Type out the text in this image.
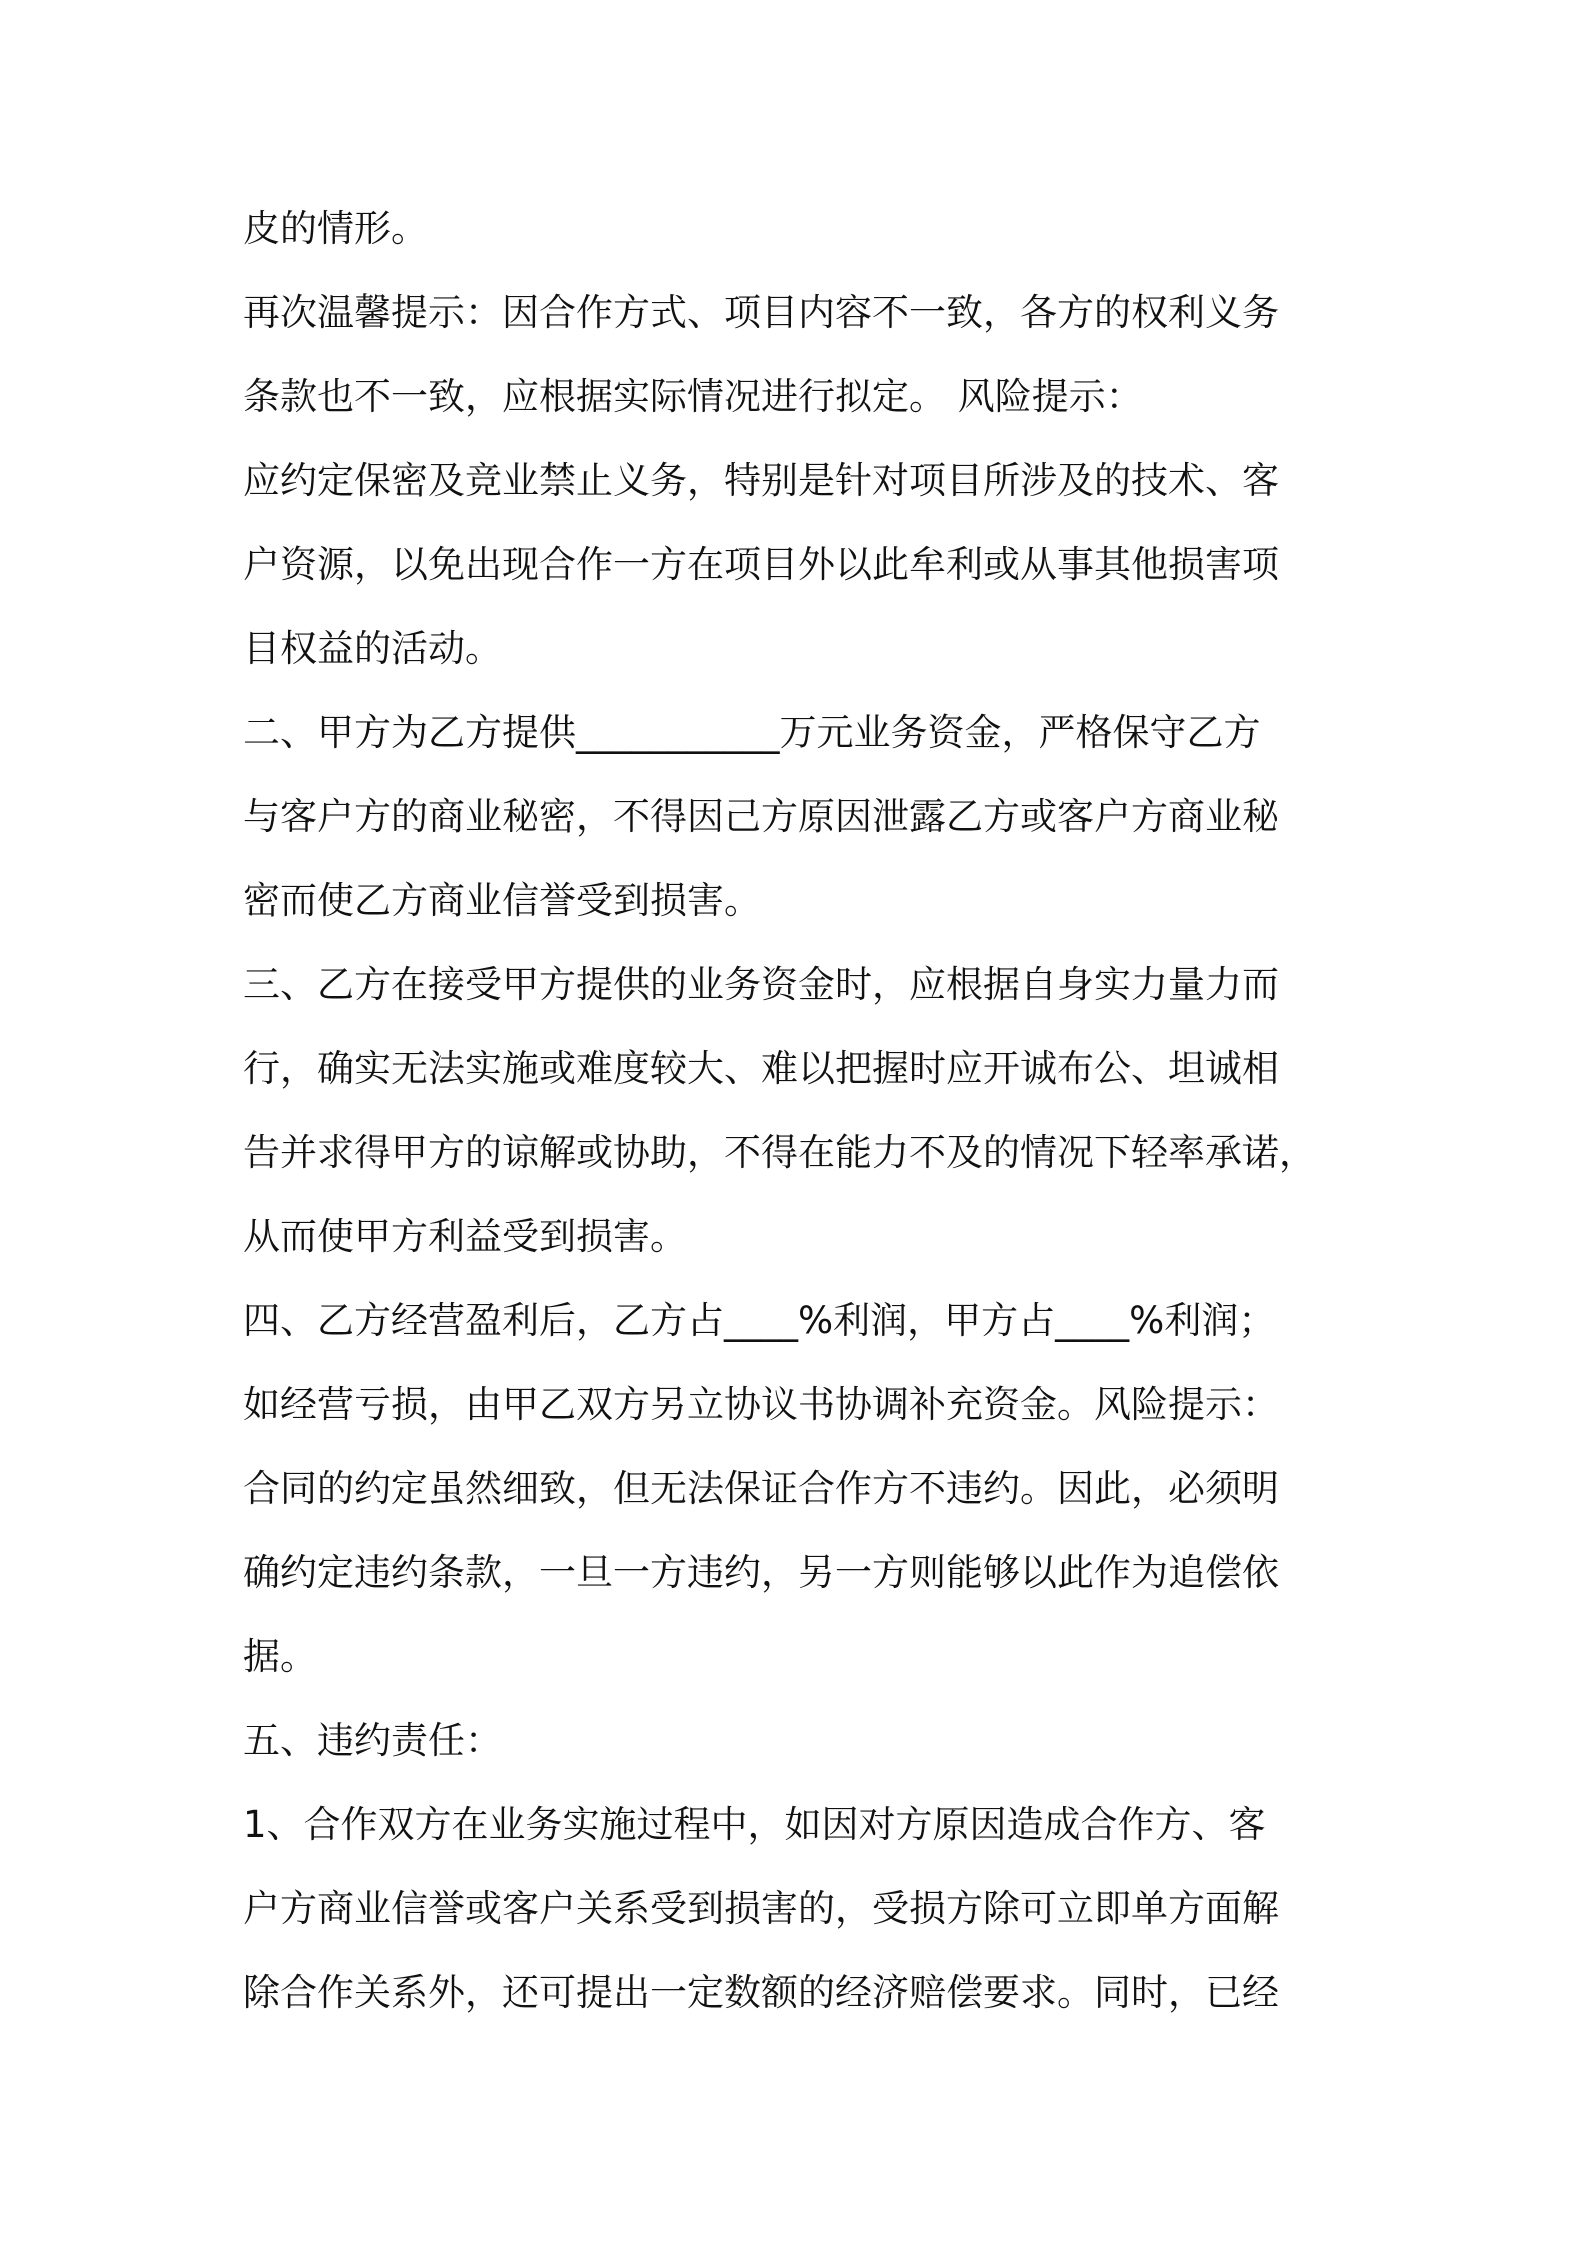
皮的情形。
再次温馨提示：因合作方式、项目内容不一致，各方的权利义务
条款也不一致，应根据实际情况进行拟定。 风险提示：
应约定保密及竞业禁止义务，特别是针对项目所涉及的技术、客
户资源，以免出现合作一方在项目外以此牟利或从事其他损害项
目权益的活动。
二、甲方为乙方提供___________万元业务资金，严格保守乙方
与客户方的商业秘密，不得因己方原因泄露乙方或客户方商业秘
密而使乙方商业信誉受到损害。
三、乙方在接受甲方提供的业务资金时，应根据自身实力量力而
行，确实无法实施或难度较大、难以把握时应开诚布公、坦诚相
告并求得甲方的谅解或协助，不得在能力不及的情况下轻率承诺，
从而使甲方利益受到损害。
四、乙方经营盈利后，乙方占____%利润，甲方占____%利润；
如经营亏损，由甲乙双方另立协议书协调补充资金。风险提示：
合同的约定虽然细致，但无法保证合作方不违约。因此，必须明
确约定违约条款，一旦一方违约，另一方则能够以此作为追偿依
据。
五、违约责任：
1、合作双方在业务实施过程中，如因对方原因造成合作方、客
户方商业信誉或客户关系受到损害的，受损方除可立即单方面解
除合作关系外，还可提出一定数额的经济赔偿要求。同时，已经
